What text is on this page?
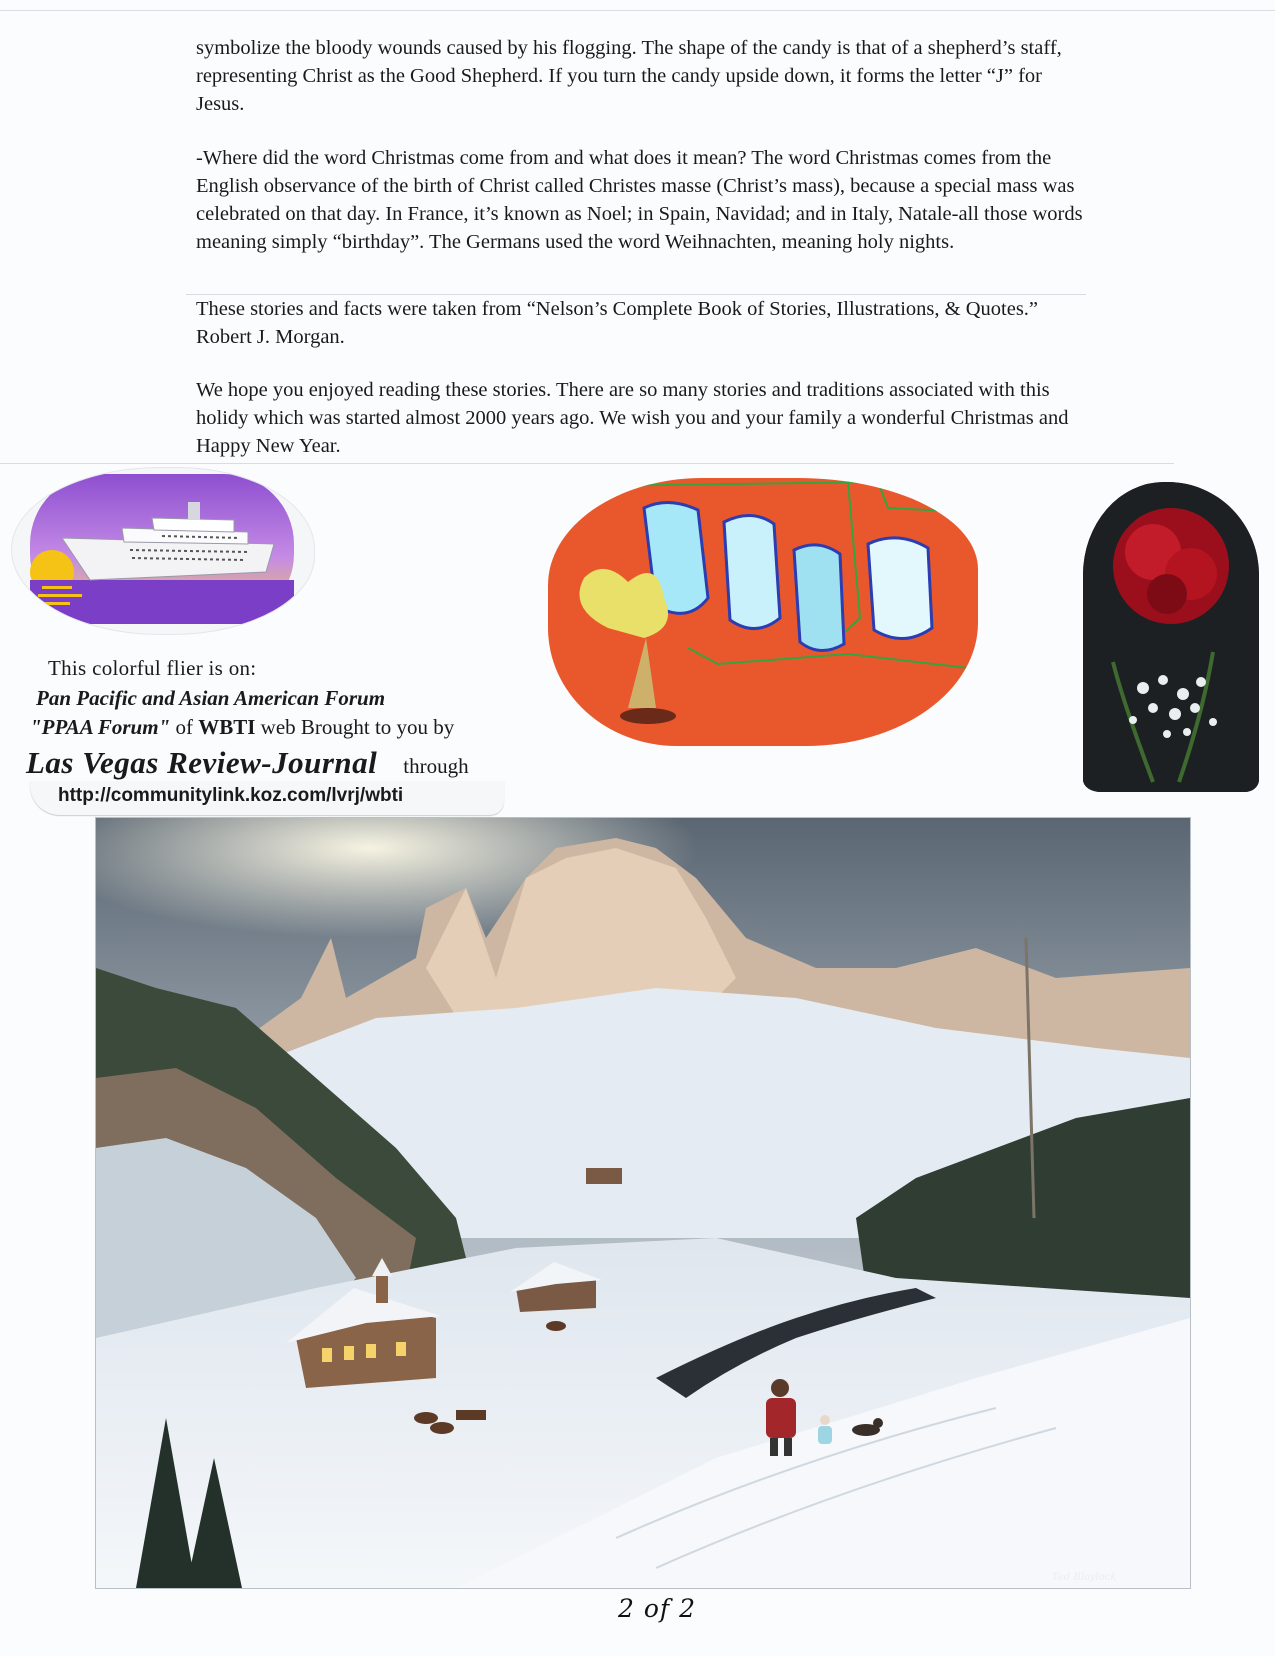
symbolize the bloody wounds caused by his flogging. The shape of the candy is that of a shepherd’s staff, representing Christ as the Good Shepherd. If you turn the candy upside down, it forms the letter “J” for Jesus.

-Where did the word Christmas come from and what does it mean? The word Christmas comes from the English observance of the birth of Christ called Christes masse (Christ’s mass), because a special mass was celebrated on that day. In France, it’s known as Noel; in Spain, Navidad; and in Italy, Natale-all those words meaning simply “birthday”. The Germans used the word Weihnachten, meaning holy nights.

These stories and facts were taken from “Nelson’s Complete Book of Stories, Illustrations, & Quotes.” Robert J. Morgan.

We hope you enjoyed reading these stories. There are so many stories and traditions associated with this holidy which was started almost 2000 years ago. We wish you and your family a wonderful Christmas and Happy New Year.

This colorful flier is on:
Pan Pacific and Asian American Forum
"PPAA Forum" of WBTI web Brought to you by
Las Vegas Review-Journal through
http://communitylink.koz.com/lvrj/wbti
Ted Blaylock
2 of 2
